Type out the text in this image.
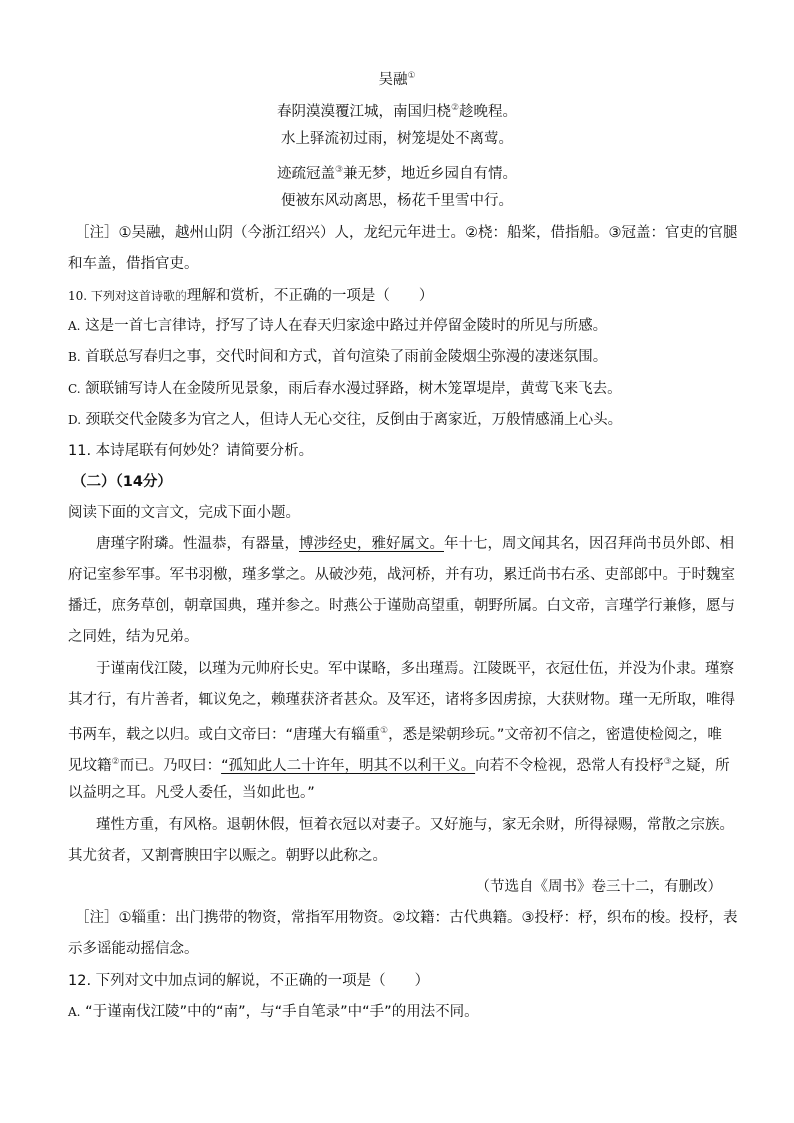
吴融①
春阴漠漠覆江城，南国归桡②趁晚程。
水上驿流初过雨，树笼堤处不离莺。
迹疏冠盖③兼无梦，地近乡园自有情。
便被东风动离思，杨花千里雪中行。
［注］①吴融，越州山阴（今浙江绍兴）人，龙纪元年进士。②桡：船桨，借指船。③冠盖：官吏的官腿
和车盖，借指官吏。
10. 下列对这首诗歌$^的$理解和赏析，不正确的一项是（　　）
A. 这是一首七言律诗，抒写了诗人在春天归家途中路过并停留金陵时的所见与所感。
B. 首联总写春归之事，交代时间和方式，首句渲染了雨前金陵烟尘弥漫的凄迷氛围。
C. 颔联铺写诗人在金陵所见景象，雨后春水漫过驿路，树木笼罩堤岸，黄莺飞来飞去。
D. 颈联交代金陵多为官之人，但诗人无心交往，反倒由于离家近，万般情感涌上心头。
11. 本诗尾联有何妙处？请简要分析。
（二）（14分）
阅读下面的文言文，完成下面小题。
唐瑾字附璘。性温恭，有器量，博涉经史，雅好属文。年十七，周文闻其名，因召拜尚书员外郎、相
府记室参军事。军书羽檄，瑾多掌之。从破沙苑，战河桥，并有功，累迁尚书右丞、吏部郎中。于时魏室
播迁，庶务草创，朝章国典，瑾并参之。时燕公于谨勋高望重，朝野所属。白文帝，言瑾学行兼修，愿与
之同姓，结为兄弟。
于谨南伐江陵，以瑾为元帅府长史。军中谋略，多出瑾焉。江陵既平，衣冠仕伍，并没为仆隶。瑾察
其才行，有片善者，辄议免之，赖瑾获济者甚众。及军还，诸将多因虏掠，大获财物。瑾一无所取，唯得
书两车，载之以归。或白文帝曰：“唐瑾大有辎重①，悉是梁朝珍玩。”文帝初不信之，密遣使检阅之，唯
见坟籍②而已。乃叹曰：“孤知此人二十许年，明其不以利干义。向若不令检视，恐常人有投杼③之疑，所
以益明之耳。凡受人委任，当如此也。”
瑾性方重，有风格。退朝休假，恒着衣冠以对妻子。又好施与，家无余财，所得禄赐，常散之宗族。
其尤贫者，又割膏腴田宇以赈之。朝野以此称之。
（节选自《周书》卷三十二，有删改）
［注］①辎重：出门携带的物资，常指军用物资。②坟籍：古代典籍。③投杼：杼，织布的梭。投杼，表
示多谣能动摇信念。
12. 下列对文中加点词的解说，不正确的一项是（　　）
A. “于谨南伐江陵”中的“南”，与“手自笔录”中“手”的用法不同。
